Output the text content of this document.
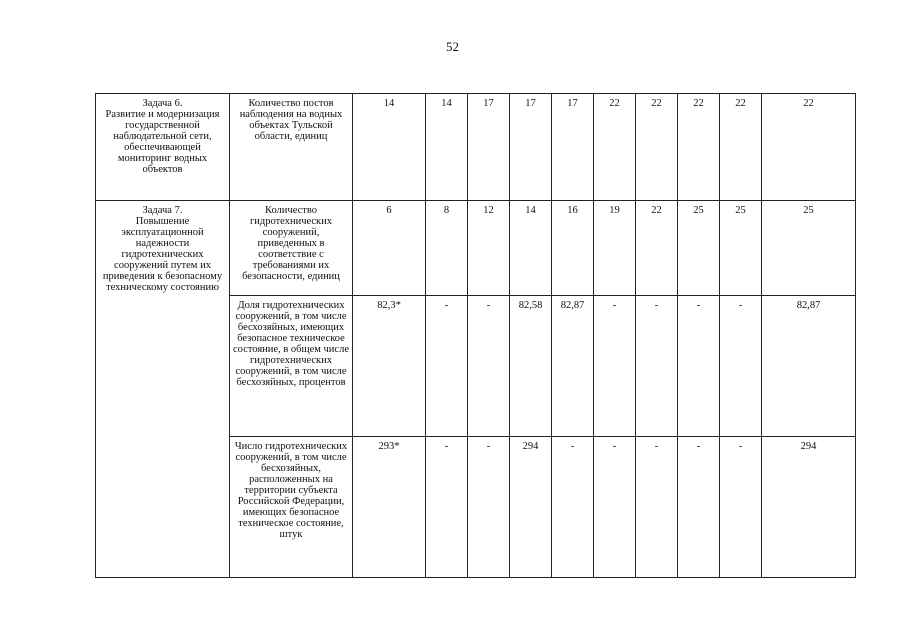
52
Задача 6.
Развитие и модернизация государственной наблюдательной сети, обеспечивающей мониторинг водных объектов	Количество постов наблюдения на водных объектах Тульской области, единиц	14	14	17	17	17	22	22	22	22	22
Задача 7.
Повышение эксплуатационной надежности гидротехнических сооружений путем их приведения к безопасному техническому состоянию	Количество гидротехнических сооружений, приведенных в соответствие с требованиями их безопасности, единиц	6	8	12	14	16	19	22	25	25	25
	Доля гидротехнических сооружений, в том числе бесхозяйных, имеющих безопасное техническое состояние, в общем числе гидротехнических сооружений, в том числе бесхозяйных, процентов	82,3*	-	-	82,58	82,87	-	-	-	-	82,87
	Число гидротехнических сооружений, в том числе бесхозяйных, расположенных на территории субъекта Российской Федерации, имеющих безопасное техническое состояние, штук	293*	-	-	294	-	-	-	-	-	294
